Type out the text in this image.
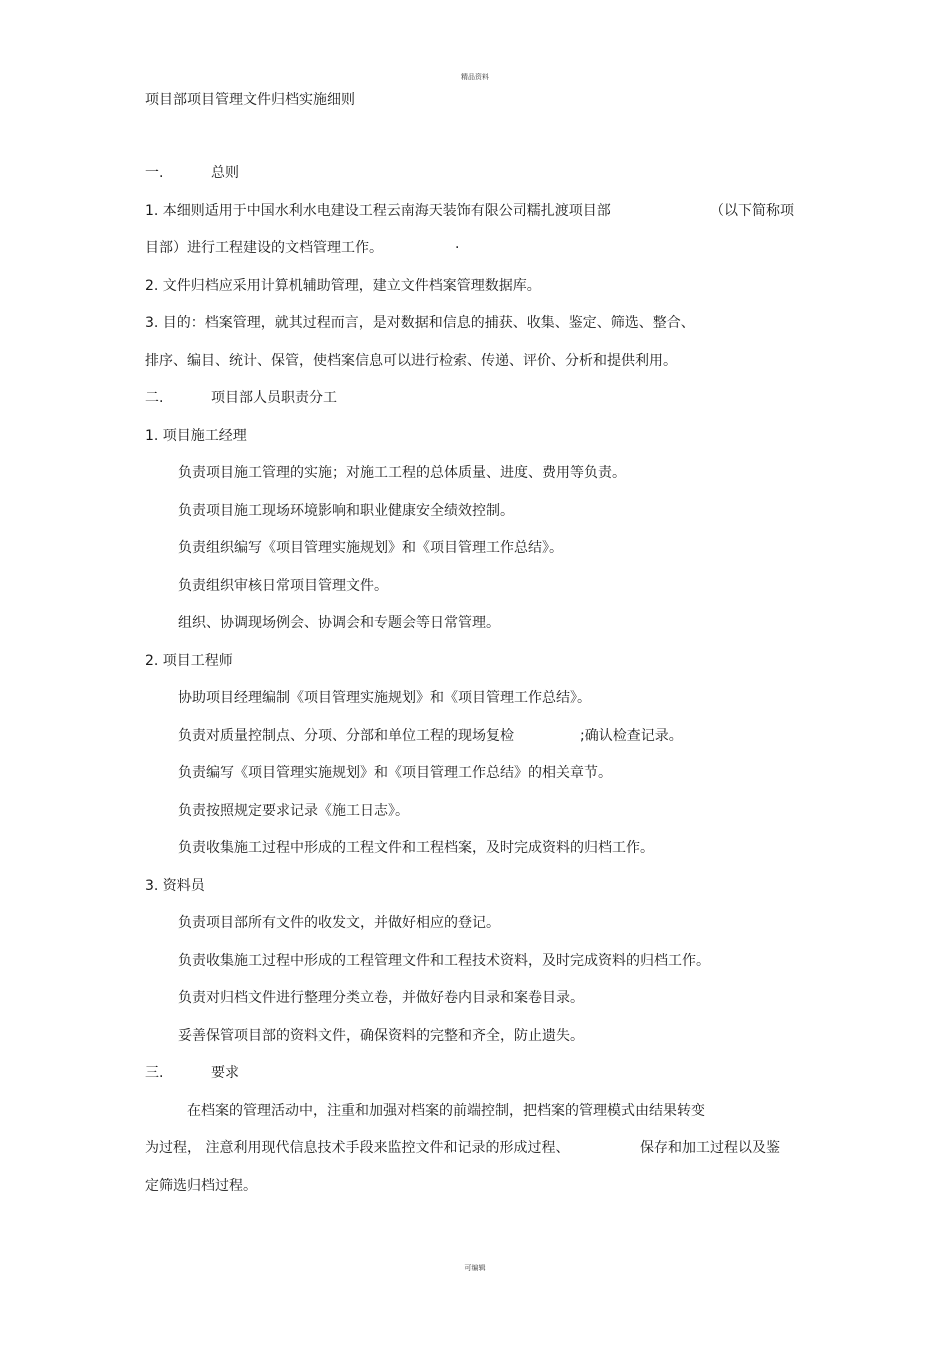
精品资料
项目部项目管理文件归档实施细则
一.	总则
1. 本细则适用于中国水利水电建设工程云南海天装饰有限公司糯扎渡项目部	（以下简称项
目部）进行工程建设的文档管理工作。	·
2. 文件归档应采用计算机辅助管理，建立文件档案管理数据库。
3. 目的：档案管理，就其过程而言，是对数据和信息的捕获、收集、鉴定、筛选、整合、
排序、编目、统计、保管，使档案信息可以进行检索、传递、评价、分析和提供利用。
二.	项目部人员职责分工
1. 项目施工经理
负责项目施工管理的实施；对施工工程的总体质量、进度、费用等负责。
负责项目施工现场环境影响和职业健康安全绩效控制。
负责组织编写《项目管理实施规划》和《项目管理工作总结》。
负责组织审核日常项目管理文件。
组织、协调现场例会、协调会和专题会等日常管理。
2. 项目工程师
协助项目经理编制《项目管理实施规划》和《项目管理工作总结》。
负责对质量控制点、分项、分部和单位工程的现场复检	;确认检查记录。
负责编写《项目管理实施规划》和《项目管理工作总结》的相关章节。
负责按照规定要求记录《施工日志》。
负责收集施工过程中形成的工程文件和工程档案，及时完成资料的归档工作。
3. 资料员
负责项目部所有文件的收发文，并做好相应的登记。
负责收集施工过程中形成的工程管理文件和工程技术资料，及时完成资料的归档工作。
负责对归档文件进行整理分类立卷，并做好卷内目录和案卷目录。
妥善保管项目部的资料文件，确保资料的完整和齐全，防止遗失。
三.	要求
在档案的管理活动中，注重和加强对档案的前端控制，把档案的管理模式由结果转变
为过程， 注意利用现代信息技术手段来监控文件和记录的形成过程、	保存和加工过程以及鉴
定筛选归档过程。
可编辑
